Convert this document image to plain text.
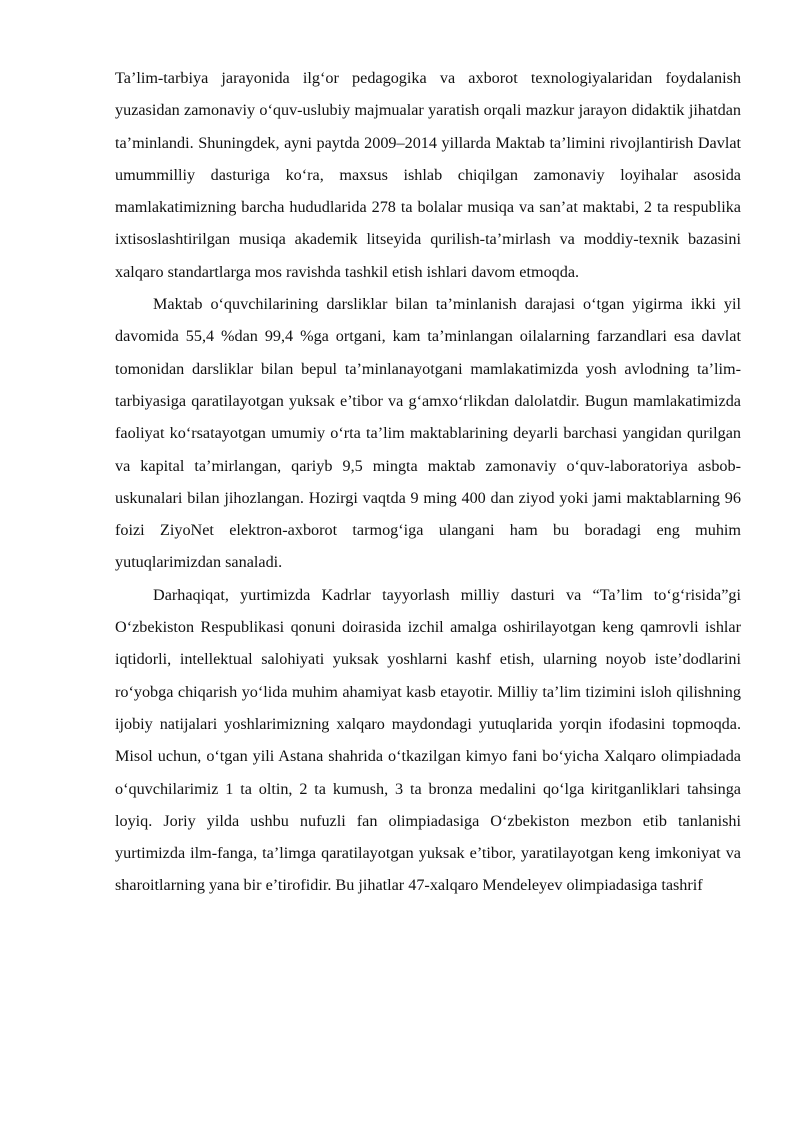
Ta’lim-tarbiya jarayonida ilg‘or pedagogika va axborot texnologiyalaridan foydalanish yuzasidan zamonaviy o‘quv-uslubiy majmualar yaratish orqali mazkur jarayon didaktik jihatdan ta’minlandi. Shuningdek, ayni paytda 2009–2014 yillarda Maktab ta’limini rivojlantirish Davlat umummilliy dasturiga ko‘ra, maxsus ishlab chiqilgan zamonaviy loyihalar asosida mamlakatimizning barcha hududlarida 278 ta bolalar musiqa va san’at maktabi, 2 ta respublika ixtisoslashtirilgan musiqa akademik litseyida qurilish-ta’mirlash va moddiy-texnik bazasini xalqaro standartlarga mos ravishda tashkil etish ishlari davom etmoqda.

Maktab o‘quvchilarining darsliklar bilan ta’minlanish darajasi o‘tgan yigirma ikki yil davomida 55,4 %dan 99,4 %ga ortgani, kam ta’minlangan oilalarning farzandlari esa davlat tomonidan darsliklar bilan bepul ta’minlanayotgani mamlakatimizda yosh avlodning ta’lim-tarbiyasiga qaratilayotgan yuksak e’tibor va g‘amxo‘rlikdan dalolatdir. Bugun mamlakatimizda faoliyat ko‘rsatayotgan umumiy o‘rta ta’lim maktablarining deyarli barchasi yangidan qurilgan va kapital ta’mirlangan, qariyb 9,5 mingta maktab zamonaviy o‘quv-laboratoriya asbob-uskunalari bilan jihozlangan. Hozirgi vaqtda 9 ming 400 dan ziyod yoki jami maktablarning 96 foizi ZiyoNet elektron-axborot tarmog‘iga ulangani ham bu boradagi eng muhim yutuqlarimizdan sanaladi.

Darhaqiqat, yurtimizda Kadrlar tayyorlash milliy dasturi va “Ta’lim to‘g‘risida”gi O‘zbekiston Respublikasi qonuni doirasida izchil amalga oshirilayotgan keng qamrovli ishlar iqtidorli, intellektual salohiyati yuksak yoshlarni kashf etish, ularning noyob iste’dodlarini ro‘yobga chiqarish yo‘lida muhim ahamiyat kasb etayotir. Milliy ta’lim tizimini isloh qilishning ijobiy natijalari yoshlarimizning xalqaro maydondagi yutuqlarida yorqin ifodasini topmoqda. Misol uchun, o‘tgan yili Astana shahrida o‘tkazilgan kimyo fani bo‘yicha Xalqaro olimpiadada o‘quvchilarimiz 1 ta oltin, 2 ta kumush, 3 ta bronza medalini qo‘lga kiritganliklari tahsinga loyiq. Joriy yilda ushbu nufuzli fan olimpiadasiga O‘zbekiston mezbon etib tanlanishi yurtimizda ilm-fanga, ta’limga qaratilayotgan yuksak e’tibor, yaratilayotgan keng imkoniyat va sharoitlarning yana bir e’tirofidir. Bu jihatlar 47-xalqaro Mendeleyev olimpiadasiga tashrif
